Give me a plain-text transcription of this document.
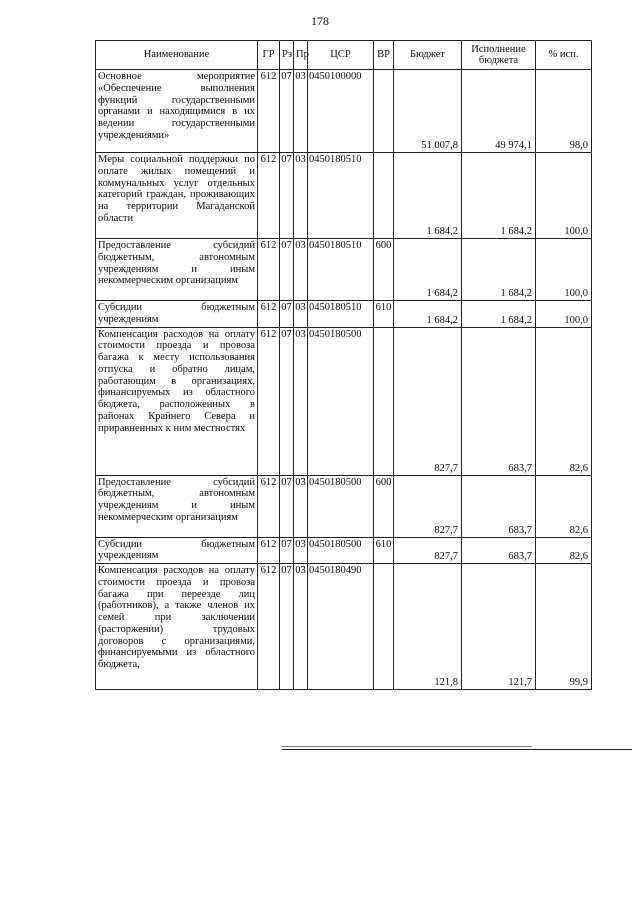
178
Наименование	ГР	Рз	Пр	ЦСР	ВР	Бюджет	Исполнение бюджета	% исп.
Основное мероприятие «Обеспечение выполнения функций государственными органами и находящимися в их ведении государственными учреждениями»	612	07	03	0450100000		51 007,8	49 974,1	98,0
Меры социальной поддержки по оплате жилых помещений и коммунальных услуг отдельных категорий граждан, проживающих на территории Магаданской области	612	07	03	0450180510		1 684,2	1 684,2	100,0
Предоставление субсидий бюджетным, автономным учреждениям и иным некоммерческим организациям	612	07	03	0450180510	600	1 684,2	1 684,2	100,0
Субсидии бюджетным учреждениям	612	07	03	0450180510	610	1 684,2	1 684,2	100,0
Компенсация расходов на оплату стоимости проезда и провоза багажа к месту использования отпуска и обратно лицам, работающим в организациях, финансируемых из областного бюджета, расположенных в районах Крайнего Севера и приравненных к ним местностях	612	07	03	0450180500		827,7	683,7	82,6
Предоставление субсидий бюджетным, автономным учреждениям и иным некоммерческим организациям	612	07	03	0450180500	600	827,7	683,7	82,6
Субсидии бюджетным учреждениям	612	07	03	0450180500	610	827,7	683,7	82,6
Компенсация расходов на оплату стоимости проезда и провоза багажа при переезде лиц (работников), а также членов их семей при заключении (расторжении) трудовых договоров с организациями, финансируемыми из областного бюджета,	612	07	03	0450180490		121,8	121,7	99,9
